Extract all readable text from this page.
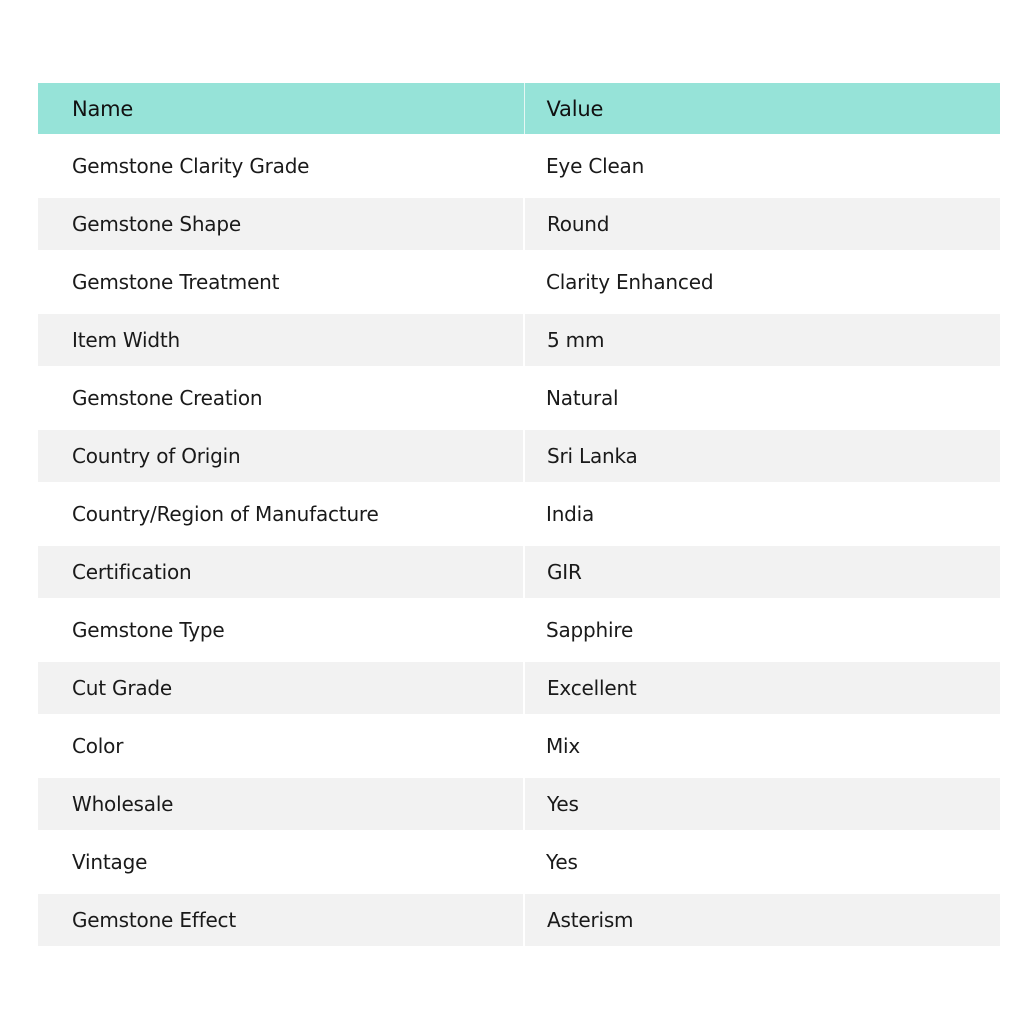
Name	Value
Gemstone Clarity Grade	Eye Clean
Gemstone Shape	Round
Gemstone Treatment	Clarity Enhanced
Item Width	5 mm
Gemstone Creation	Natural
Country of Origin	Sri Lanka
Country/Region of Manufacture	India
Certification	GIR
Gemstone Type	Sapphire
Cut Grade	Excellent
Color	Mix
Wholesale	Yes
Vintage	Yes
Gemstone Effect	Asterism
